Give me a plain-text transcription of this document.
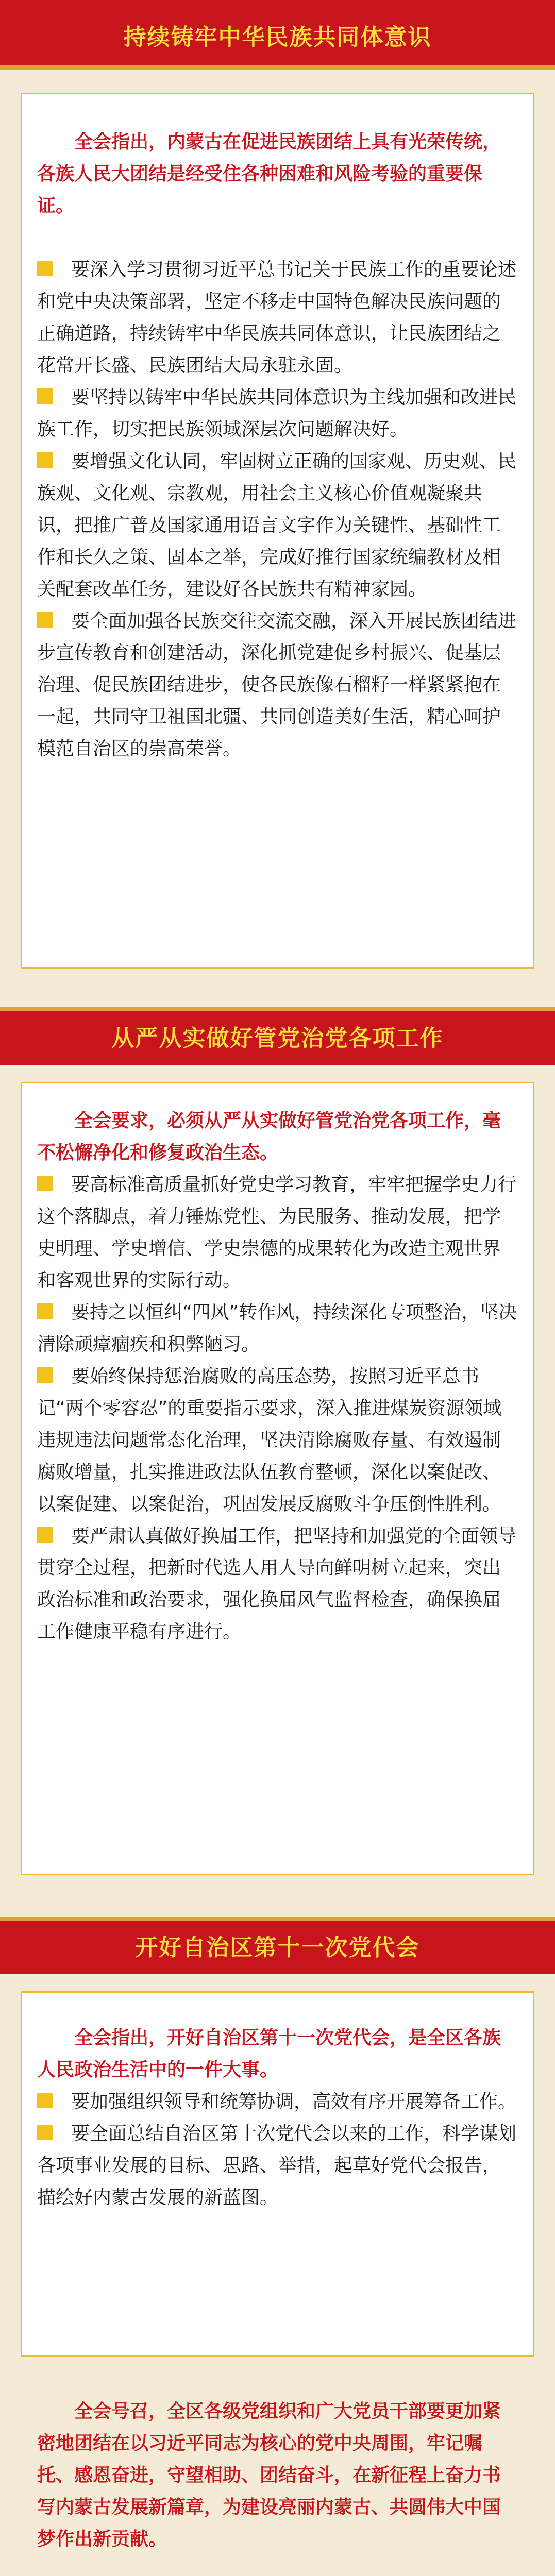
持续铸牢中华民族共同体意识

全会指出，内蒙古在促进民族团结上具有光荣传统，各族人民大团结是经受住各种困难和风险考验的重要保证。

要深入学习贯彻习近平总书记关于民族工作的重要论述和党中央决策部署，坚定不移走中国特色解决民族问题的正确道路，持续铸牢中华民族共同体意识，让民族团结之花常开长盛、民族团结大局永驻永固。

要坚持以铸牢中华民族共同体意识为主线加强和改进民族工作，切实把民族领域深层次问题解决好。

要增强文化认同，牢固树立正确的国家观、历史观、民族观、文化观、宗教观，用社会主义核心价值观凝聚共识，把推广普及国家通用语言文字作为关键性、基础性工作和长久之策、固本之举，完成好推行国家统编教材及相关配套改革任务，建设好各民族共有精神家园。

要全面加强各民族交往交流交融，深入开展民族团结进步宣传教育和创建活动，深化抓党建促乡村振兴、促基层治理、促民族团结进步，使各民族像石榴籽一样紧紧抱在一起，共同守卫祖国北疆、共同创造美好生活，精心呵护模范自治区的崇高荣誉。

从严从实做好管党治党各项工作

全会要求，必须从严从实做好管党治党各项工作，毫不松懈净化和修复政治生态。

要高标准高质量抓好党史学习教育，牢牢把握学史力行这个落脚点，着力锤炼党性、为民服务、推动发展，把学史明理、学史增信、学史崇德的成果转化为改造主观世界和客观世界的实际行动。

要持之以恒纠“四风”转作风，持续深化专项整治，坚决清除顽瘴痼疾和积弊陋习。

要始终保持惩治腐败的高压态势，按照习近平总书记“两个零容忍”的重要指示要求，深入推进煤炭资源领域违规违法问题常态化治理，坚决清除腐败存量、有效遏制腐败增量，扎实推进政法队伍教育整顿，深化以案促改、以案促建、以案促治，巩固发展反腐败斗争压倒性胜利。

要严肃认真做好换届工作，把坚持和加强党的全面领导贯穿全过程，把新时代选人用人导向鲜明树立起来，突出政治标准和政治要求，强化换届风气监督检查，确保换届工作健康平稳有序进行。

开好自治区第十一次党代会

全会指出，开好自治区第十一次党代会，是全区各族人民政治生活中的一件大事。

要加强组织领导和统筹协调，高效有序开展筹备工作。

要全面总结自治区第十次党代会以来的工作，科学谋划各项事业发展的目标、思路、举措，起草好党代会报告，描绘好内蒙古发展的新蓝图。

全会号召，全区各级党组织和广大党员干部要更加紧密地团结在以习近平同志为核心的党中央周围，牢记嘱托、感恩奋进，守望相助、团结奋斗，在新征程上奋力书写内蒙古发展新篇章，为建设亮丽内蒙古、共圆伟大中国梦作出新贡献。
